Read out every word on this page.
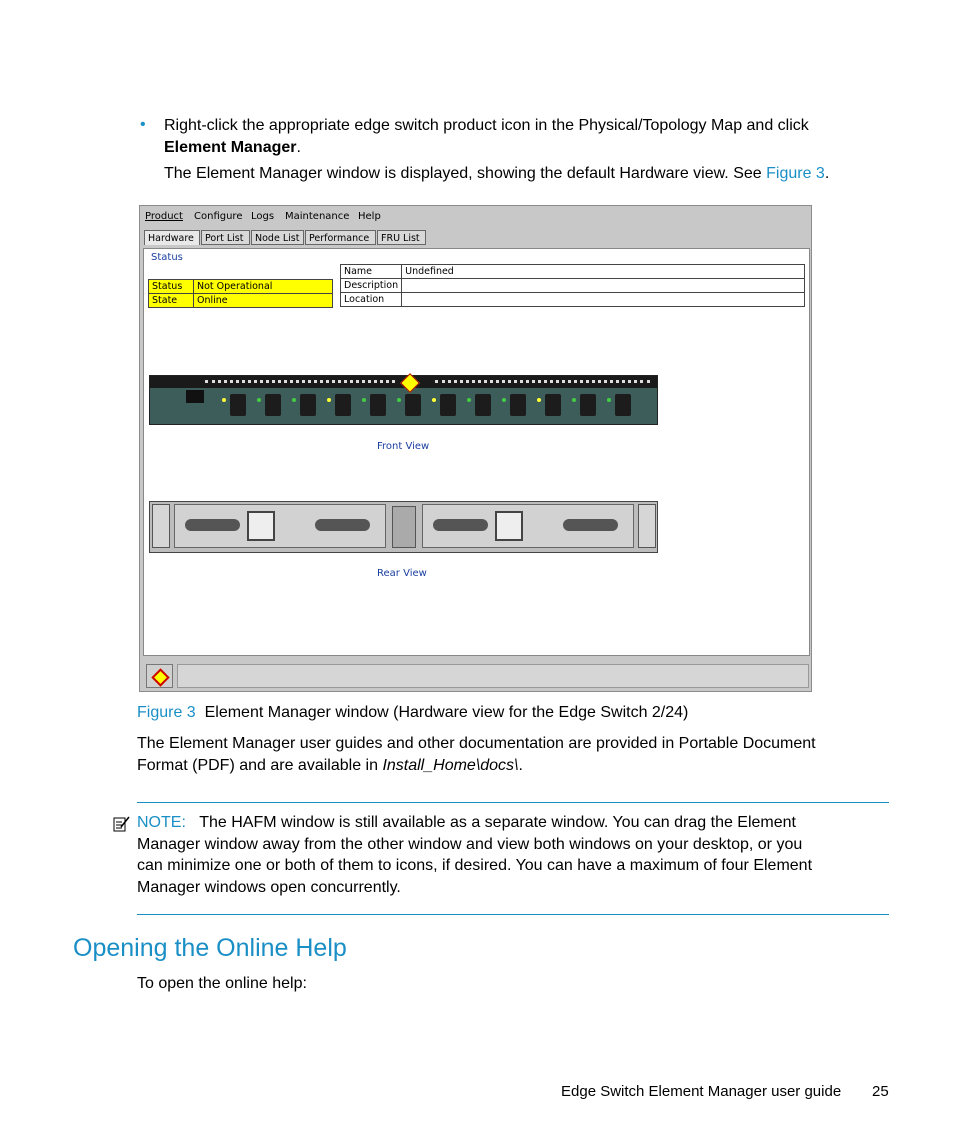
• Right-click the appropriate edge switch product icon in the Physical/Topology Map and click
Element Manager.
The Element Manager window is displayed, showing the default Hardware view. See Figure 3.
Product Configure Logs Maintenance Help
Hardware	Port List	Node List	Performance	FRU List
Status
Status	Not Operational
State	Online
Name	Undefined
Description	
Location	
Front View
Rear View
Figure 3 Element Manager window (Hardware view for the Edge Switch 2/24)
The Element Manager user guides and other documentation are provided in Portable Document
Format (PDF) and are available in Install_Home\docs\.
NOTE: The HAFM window is still available as a separate window. You can drag the Element
Manager window away from the other window and view both windows on your desktop, or you
can minimize one or both of them to icons, if desired. You can have a maximum of four Element
Manager windows open concurrently.
Opening the Online Help
To open the online help:
Edge Switch Element Manager user guide 25
